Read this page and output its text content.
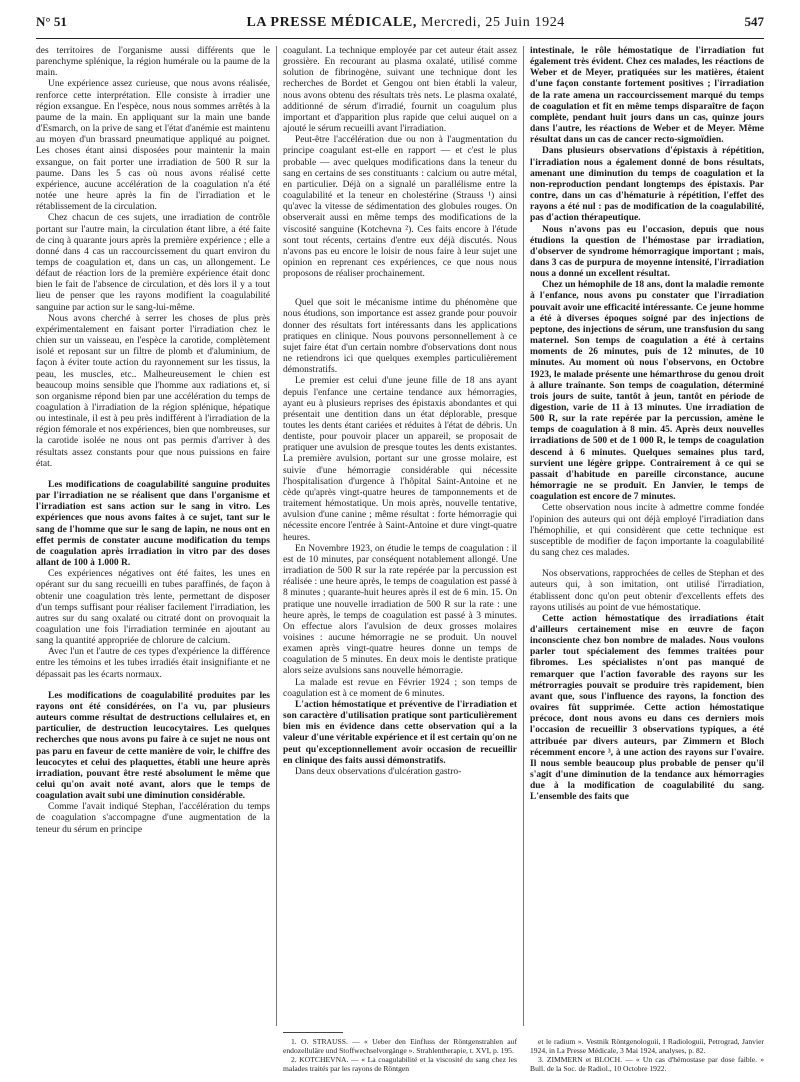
N° 51	LA PRESSE MÉDICALE, Mercredi, 25 Juin 1924	547

des territoires de l'organisme aussi différents que le parenchyme splénique, la région humérale ou la paume de la main.

Une expérience assez curieuse, que nous avons réalisée, renforce cette interprétation. Elle consiste à irradier une région exsangue. En l'espèce, nous nous sommes arrêtés à la paume de la main. En appliquant sur la main une bande d'Esmarch, on la prive de sang et l'état d'anémie est maintenu au moyen d'un brassard pneumatique appliqué au poignet. Les choses étant ainsi disposées pour maintenir la main exsangue, on fait porter une irradiation de 500 R sur la paume. Dans les 5 cas où nous avons réalisé cette expérience, aucune accélération de la coagulation n'a été notée une heure après la fin de l'irradiation et le rétablissement de la circulation.

Chez chacun de ces sujets, une irradiation de contrôle portant sur l'autre main, la circulation étant libre, a été faite de cinq à quarante jours après la première expérience ; elle a donné dans 4 cas un raccourcissement du quart environ du temps de coagulation et, dans un cas, un allongement. Le défaut de réaction lors de la première expérience était donc bien le fait de l'absence de circulation, et dès lors il y a tout lieu de penser que les rayons modifient la coagulabilité sanguine par action sur le sang-lui-même.

Nous avons cherché à serrer les choses de plus près expérimentalement en faisant porter l'irradiation chez le chien sur un vaisseau, en l'espèce la carotide, complètement isolé et reposant sur un filtre de plomb et d'aluminium, de façon à éviter toute action du rayonnement sur les tissus, la peau, les muscles, etc.. Malheureusement le chien est beaucoup moins sensible que l'homme aux radiations et, si son organisme répond bien par une accélération du temps de coagulation à l'irradiation de la région splénique, hépatique ou intestinale, il est à peu près indifférent à l'irradiation de la région fémorale et nos expériences, bien que nombreuses, sur la carotide isolée ne nous ont pas permis d'arriver à des résultats assez constants pour que nous puissions en faire état.

Les modifications de coagulabilité sanguine produites par l'irradiation ne se réalisent que dans l'organisme et l'irradiation est sans action sur le sang in vitro. Les expériences que nous avons faites à ce sujet, tant sur le sang de l'homme que sur le sang de lapin, ne nous ont en effet permis de constater aucune modification du temps de coagulation après irradiation in vitro par des doses allant de 100 à 1.000 R.

Ces expériences négatives ont été faites, les unes en opérant sur du sang recueilli en tubes paraffinés, de façon à obtenir une coagulation très lente, permettant de disposer d'un temps suffisant pour réaliser facilement l'irradiation, les autres sur du sang oxalaté ou citraté dont on provoquait la coagulation une fois l'irradiation terminée en ajoutant au sang la quantité appropriée de chlorure de calcium.

Avec l'un et l'autre de ces types d'expérience la différence entre les témoins et les tubes irradiés était insignifiante et ne dépassait pas les écarts normaux.

Les modifications de coagulabilité produites par les rayons ont été considérées, on l'a vu, par plusieurs auteurs comme résultat de destructions cellulaires et, en particulier, de destruction leucocytaires. Les quelques recherches que nous avons pu faire à ce sujet ne nous ont pas paru en faveur de cette manière de voir, le chiffre des leucocytes et celui des plaquettes, établi une heure après irradiation, pouvant être resté absolument le même que celui qu'on avait noté avant, alors que le temps de coagulation avait subi une diminution considérable.

Comme l'avait indiqué Stephan, l'accélération du temps de coagulation s'accompagne d'une augmentation de la teneur du sérum en principe

coagulant. La technique employée par cet auteur était assez grossière. En recourant au plasma oxalaté, utilisé comme solution de fibrinogène, suivant une technique dont les recherches de Bordet et Gengou ont bien établi la valeur, nous avons obtenu des résultats très nets. Le plasma oxalaté, additionné de sérum d'irradié, fournit un coagulum plus important et d'apparition plus rapide que celui auquel on a ajouté le sérum recueilli avant l'irradiation.

Peut-être l'accélération due ou non à l'augmentation du principe coagulant est-elle en rapport — et c'est le plus probable — avec quelques modifications dans la teneur du sang en certains de ses constituants : calcium ou autre métal, en particulier. Déjà on a signalé un parallélisme entre la coagulabilité et la teneur en cholestérine (Strauss ¹) ainsi qu'avec la vitesse de sédimentation des globules rouges. On observerait aussi en même temps des modifications de la viscosité sanguine (Kotchevna ²). Ces faits encore à l'étude sont tout récents, certains d'entre eux déjà discutés. Nous n'avons pas eu encore le loisir de nous faire à leur sujet une opinion en reprenant ces expériences, ce que nous nous proposons de réaliser prochainement.

Quel que soit le mécanisme intime du phénomène que nous étudions, son importance est assez grande pour pouvoir donner des résultats fort intéressants dans les applications pratiques en clinique. Nous pouvons personnellement à ce sujet faire état d'un certain nombre d'observations dont nous ne retiendrons ici que quelques exemples particulièrement démonstratifs.

Le premier est celui d'une jeune fille de 18 ans ayant depuis l'enfance une certaine tendance aux hémorragies, ayant eu à plusieurs reprises des épistaxis abondantes et qui présentait une dentition dans un état déplorable, presque toutes les dents étant cariées et réduites à l'état de débris. Un dentiste, pour pouvoir placer un appareil, se proposait de pratiquer une avulsion de presque toutes les dents existantes. La première avulsion, portant sur une grosse molaire, est suivie d'une hémorragie considérable qui nécessite l'hospitalisation d'urgence à l'hôpital Saint-Antoine et ne cède qu'après vingt-quatre heures de tamponnements et de traitement hémostatique. Un mois après, nouvelle tentative, avulsion d'une canine ; même résultat : forte hémorragie qui nécessite encore l'entrée à Saint-Antoine et dure vingt-quatre heures.

En Novembre 1923, on étudie le temps de coagulation : il est de 10 minutes, par conséquent notablement allongé. Une irradiation de 500 R sur la rate repérée par la percussion est réalisée : une heure après, le temps de coagulation est passé à 8 minutes ; quarante-huit heures après il est de 6 min. 15. On pratique une nouvelle irradiation de 500 R sur la rate : une heure après, le temps de coagulation est passé à 3 minutes. On effectue alors l'avulsion de deux grosses molaires voisines : aucune hémorragie ne se produit. Un nouvel examen après vingt-quatre heures donne un temps de coagulation de 5 minutes. En deux mois le dentiste pratique alors seize avulsions sans nouvelle hémorragie.

La malade est revue en Février 1924 ; son temps de coagulation est à ce moment de 6 minutes.

L'action hémostatique et préventive de l'irradiation et son caractère d'utilisation pratique sont particulièrement bien mis en évidence dans cette observation qui a la valeur d'une véritable expérience et il est certain qu'on ne peut qu'exceptionnellement avoir occasion de recueillir en clinique des faits aussi démonstratifs.

Dans deux observations d'ulcération gastro-

intestinale, le rôle hémostatique de l'irradiation fut également très évident. Chez ces malades, les réactions de Weber et de Meyer, pratiquées sur les matières, étaient d'une façon constante fortement positives ; l'irradiation de la rate amena un raccourcissement marqué du temps de coagulation et fit en même temps disparaître de façon complète, pendant huit jours dans un cas, quinze jours dans l'autre, les réactions de Weber et de Meyer. Même résultat dans un cas de cancer recto-sigmoïdien.

Dans plusieurs observations d'épistaxis à répétition, l'irradiation nous a également donné de bons résultats, amenant une diminution du temps de coagulation et la non-reproduction pendant longtemps des épistaxis. Par contre, dans un cas d'hématurie à répétition, l'effet des rayons a été nul : pas de modification de la coagulabilité, pas d'action thérapeutique.

Nous n'avons pas eu l'occasion, depuis que nous étudions la question de l'hémostase par irradiation, d'observer de syndrome hémorragique important ; mais, dans 3 cas de purpura de moyenne intensité, l'irradiation nous a donné un excellent résultat.

Chez un hémophile de 18 ans, dont la maladie remonte à l'enfance, nous avons pu constater que l'irradiation pouvait avoir une efficacité intéressante. Ce jeune homme a été à diverses époques soigné par des injections de peptone, des injections de sérum, une transfusion du sang maternel. Son temps de coagulation a été à certains moments de 26 minutes, puis de 12 minutes, de 10 minutes. Au moment où nous l'observons, en Octobre 1923, le malade présente une hémarthrose du genou droit à allure traînante. Son temps de coagulation, déterminé trois jours de suite, tantôt à jeun, tantôt en période de digestion, varie de 11 à 13 minutes. Une irradiation de 500 R, sur la rate repérée par la percussion, amène le temps de coagulation à 8 min. 45. Après deux nouvelles irradiations de 500 et de 1 000 R, le temps de coagulation descend à 6 minutes. Quelques semaines plus tard, survient une légère grippe. Contrairement à ce qui se passait d'habitude en pareille circonstance, aucune hémorragie ne se produit. En Janvier, le temps de coagulation est encore de 7 minutes.

Cette observation nous incite à admettre comme fondée l'opinion des auteurs qui ont déjà employé l'irradiation dans l'hémophilie, et qui considèrent que cette technique est susceptible de modifier de façon importante la coagulabilité du sang chez ces malades.

Nos observations, rapprochées de celles de Stephan et des auteurs qui, à son imitation, ont utilisé l'irradiation, établissent donc qu'on peut obtenir d'excellents effets des rayons utilisés au point de vue hémostatique.

Cette action hémostatique des irradiations était d'ailleurs certainement mise en œuvre de façon inconsciente chez bon nombre de malades. Nous voulons parler tout spécialement des femmes traitées pour fibromes. Les spécialistes n'ont pas manqué de remarquer que l'action favorable des rayons sur les métrorragies pouvait se produire très rapidement, bien avant que, sous l'influence des rayons, la fonction des ovaires fût supprimée. Cette action hémostatique précoce, dont nous avons eu dans ces derniers mois l'occasion de recueillir 3 observations typiques, a été attribuée par divers auteurs, par Zimmern et Bloch récemment encore ³, à une action des rayons sur l'ovaire. Il nous semble beaucoup plus probable de penser qu'il s'agit d'une diminution de la tendance aux hémorragies due à la modification de coagulabilité du sang. L'ensemble des faits que

1. O. STRAUSS. — « Ueber den Einfluss der Röntgenstrahlen auf endozelluläre und Stoffwechselvorgänge ». Strahlentherapie, t. XVI, p. 195.
2. KOTCHEVNA. — « La coagulabilité et la viscosité du sang chez les malades traités par les rayons de Röntgen
et le radium ». Vestnik Röntgenologuii, I Radiologuii, Petrograd, Janvier 1924, in La Presse Médicale, 3 Mai 1924, analyses, p. 82.
3. ZIMMERN et BLOCH. — « Un cas d'hémostase par dose faible. » Bull. de la Soc. de Radiol., 10 Octobre 1922.
